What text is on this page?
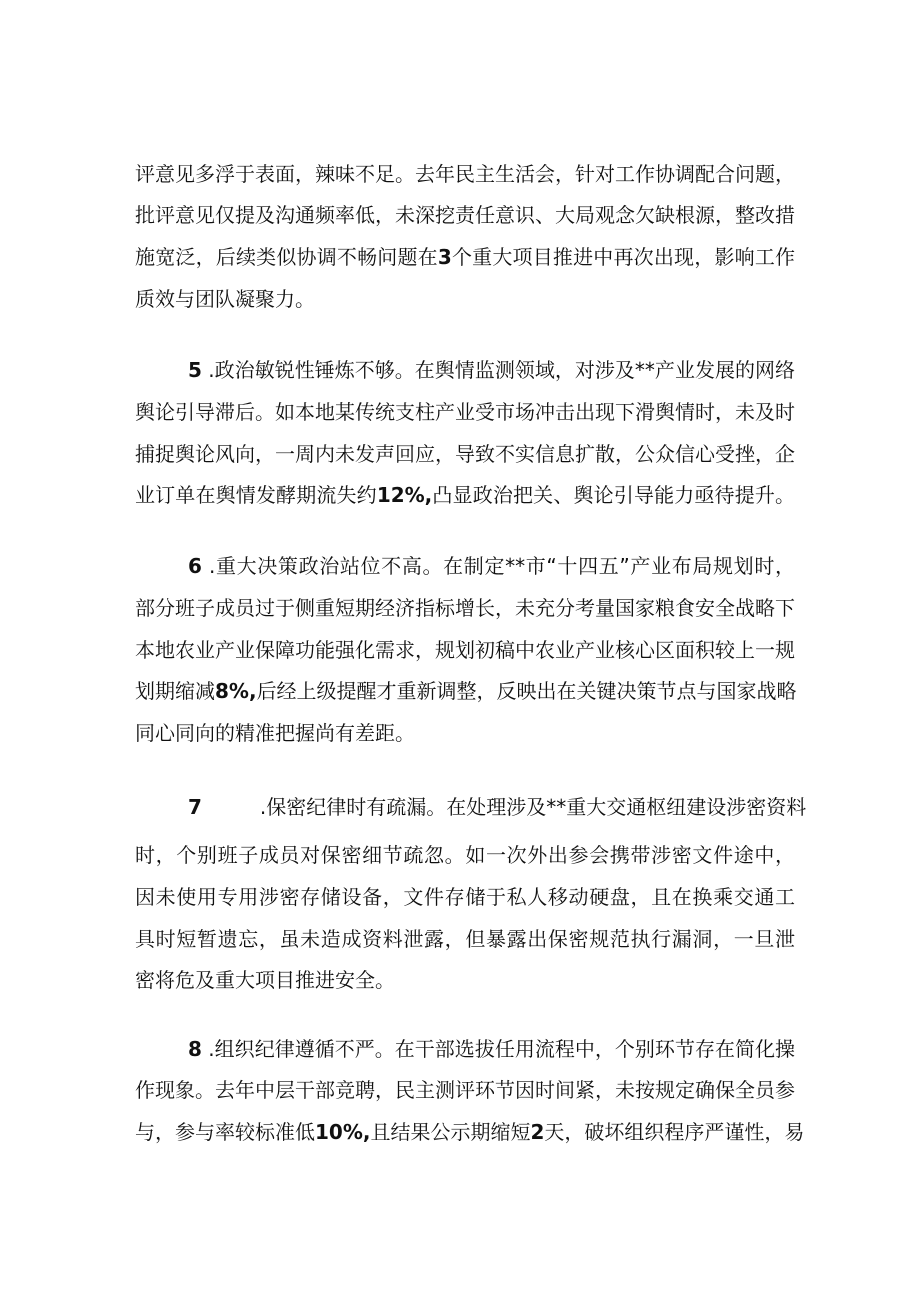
评意见多浮于表面，辣味不足。去年民主生活会，针对工作协调配合问题，
批评意见仅提及沟通频率低，未深挖责任意识、大局观念欠缺根源，整改措
施宽泛，后续类似协调不畅问题在3个重大项目推进中再次出现，影响工作
质效与团队凝聚力。
5 .政治敏锐性锤炼不够。在舆情监测领域，对涉及**产业发展的网络
舆论引导滞后。如本地某传统支柱产业受市场冲击出现下滑舆情时，未及时
捕捉舆论风向，一周内未发声回应，导致不实信息扩散，公众信心受挫，企
业订单在舆情发酵期流失约12%,凸显政治把关、舆论引导能力亟待提升。
6 .重大决策政治站位不高。在制定**市“十四五”产业布局规划时，
部分班子成员过于侧重短期经济指标增长，未充分考量国家粮食安全战略下
本地农业产业保障功能强化需求，规划初稿中农业产业核心区面积较上一规
划期缩减8%,后经上级提醒才重新调整，反映出在关键决策节点与国家战略
同心同向的精准把握尚有差距。
7	.保密纪律时有疏漏。在处理涉及**重大交通枢纽建设涉密资料
时，个别班子成员对保密细节疏忽。如一次外出参会携带涉密文件途中，
因未使用专用涉密存储设备，文件存储于私人移动硬盘，且在换乘交通工
具时短暂遗忘，虽未造成资料泄露，但暴露出保密规范执行漏洞，一旦泄
密将危及重大项目推进安全。
8 .组织纪律遵循不严。在干部选拔任用流程中，个别环节存在简化操
作现象。去年中层干部竞聘，民主测评环节因时间紧，未按规定确保全员参
与，参与率较标准低10%,且结果公示期缩短2天，破坏组织程序严谨性，易
